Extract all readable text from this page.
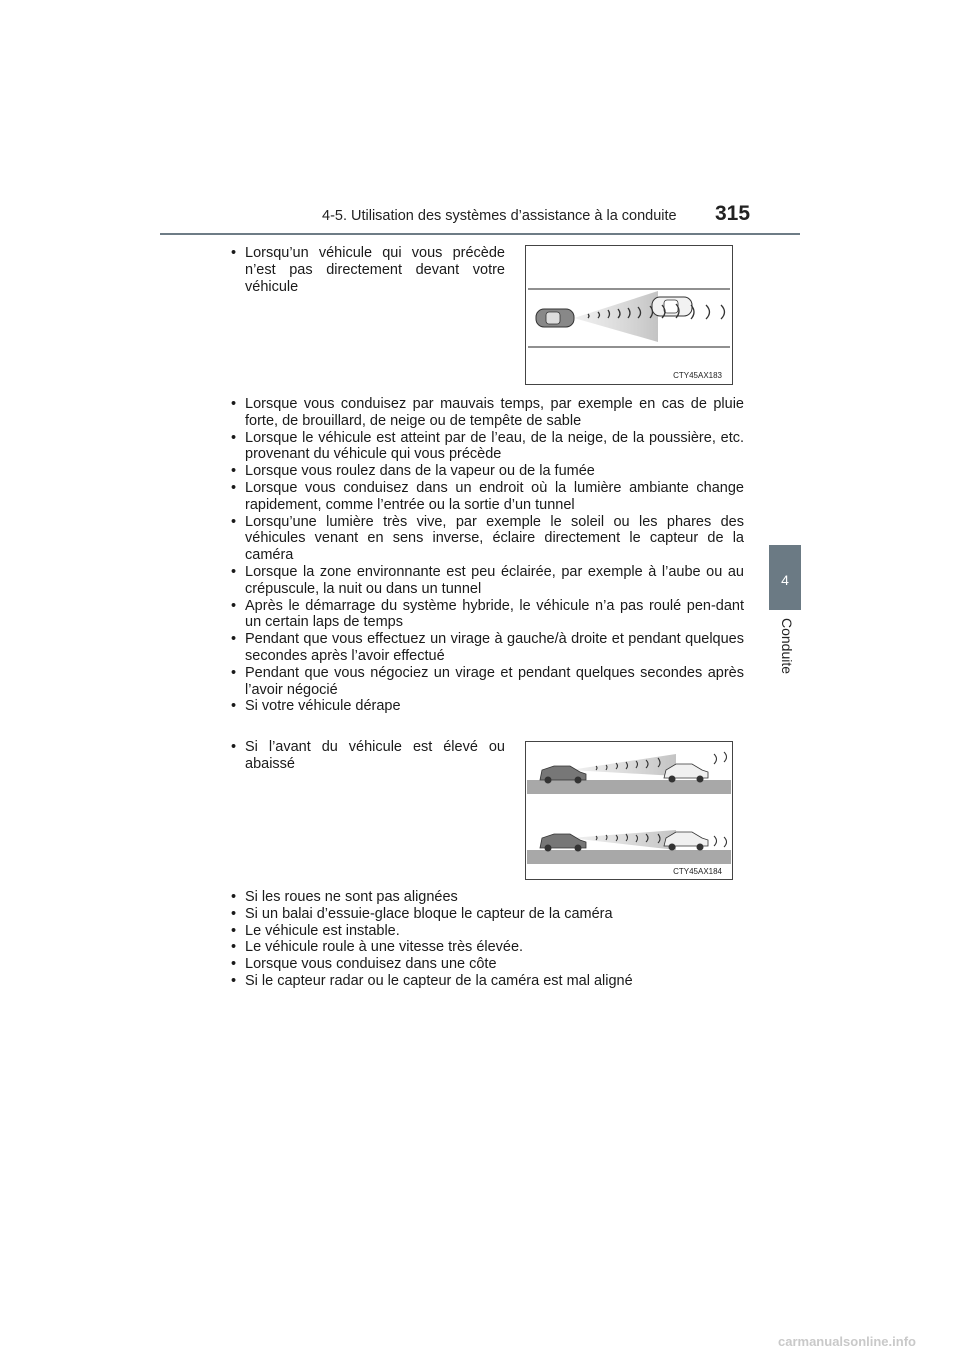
4-5. Utilisation des systèmes d’assistance à la conduite 315
4
Conduite
• Lorsqu’un véhicule qui vous précède n’est pas directement devant votre véhicule
CTY45AX183
• Lorsque vous conduisez par mauvais temps, par exemple en cas de pluie forte, de brouillard, de neige ou de tempête de sable
• Lorsque le véhicule est atteint par de l’eau, de la neige, de la poussière, etc. provenant du véhicule qui vous précède
• Lorsque vous roulez dans de la vapeur ou de la fumée
• Lorsque vous conduisez dans un endroit où la lumière ambiante change rapidement, comme l’entrée ou la sortie d’un tunnel
• Lorsqu’une lumière très vive, par exemple le soleil ou les phares des véhicules venant en sens inverse, éclaire directement le capteur de la caméra
• Lorsque la zone environnante est peu éclairée, par exemple à l’aube ou au crépuscule, la nuit ou dans un tunnel
• Après le démarrage du système hybride, le véhicule n’a pas roulé pen-dant un certain laps de temps
• Pendant que vous effectuez un virage à gauche/à droite et pendant quelques secondes après l’avoir effectué
• Pendant que vous négociez un virage et pendant quelques secondes après l’avoir négocié
• Si votre véhicule dérape
• Si l’avant du véhicule est élevé ou abaissé
CTY45AX184
• Si les roues ne sont pas alignées
• Si un balai d’essuie-glace bloque le capteur de la caméra
• Le véhicule est instable.
• Le véhicule roule à une vitesse très élevée.
• Lorsque vous conduisez dans une côte
• Si le capteur radar ou le capteur de la caméra est mal aligné
carmanualsonline.info
